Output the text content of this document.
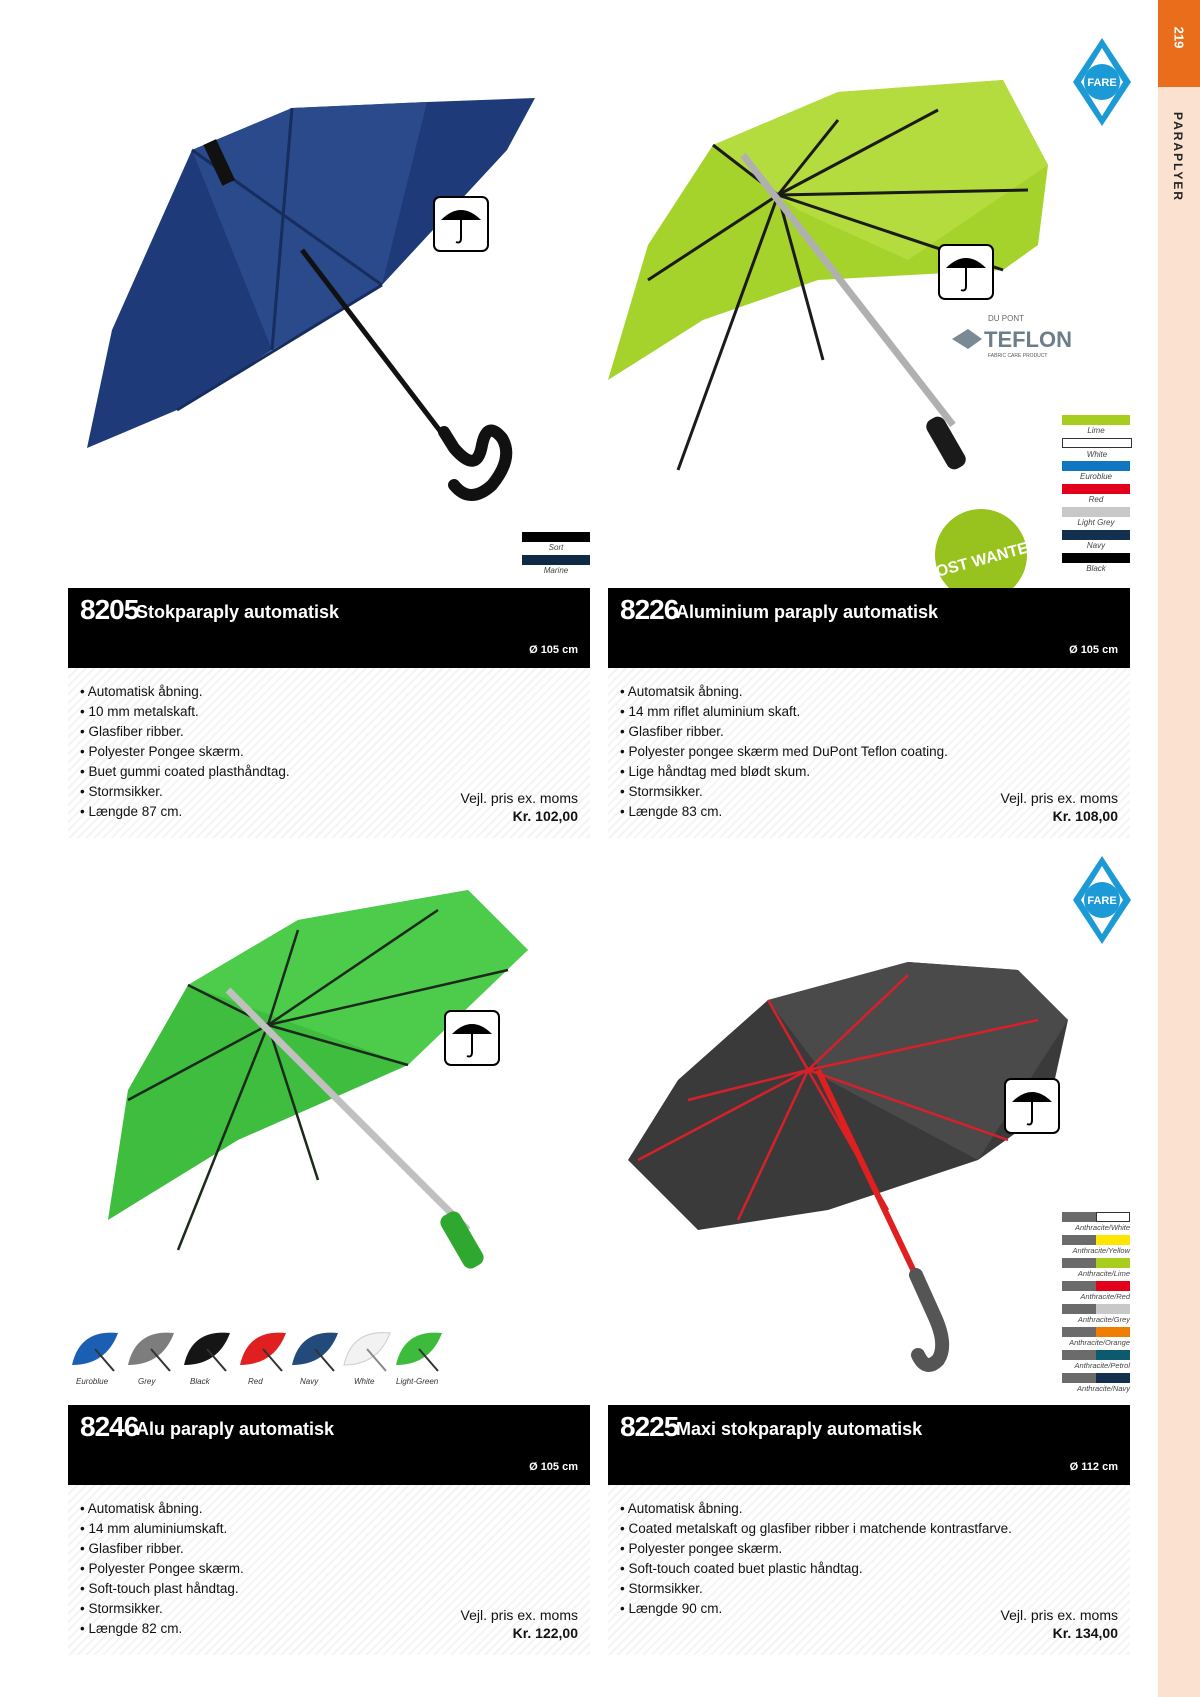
219
PARAPLYER
Sort
Marine
8205
Stokparaply automatisk
Ø 105 cm
• Automatisk åbning.
• 10 mm metalskaft.
• Glasfiber ribber.
• Polyester Pongee skærm.
• Buet gummi coated plasthåndtag.
• Stormsikker.
• Længde 87 cm.
Vejl. pris ex. moms
Kr. 102,00
FARE
DU PONT
TEFLON
FABRIC CARE PRODUCT
MOST WANTED
Lime
White
Euroblue
Red
Light Grey
Navy
Black
8226
Aluminium paraply automatisk
Ø 105 cm
• Automatsik åbning.
• 14 mm riflet aluminium skaft.
• Glasfiber ribber.
• Polyester pongee skærm med DuPont Teflon coating.
• Lige håndtag med blødt skum.
• Stormsikker.
• Længde 83 cm.
Vejl. pris ex. moms
Kr. 108,00
Euroblue	Grey	Black	Red	Navy	White	Light-Green
8246
Alu paraply automatisk
Ø 105 cm
• Automatisk åbning.
• 14 mm aluminiumskaft.
• Glasfiber ribber.
• Polyester Pongee skærm.
• Soft-touch plast håndtag.
• Stormsikker.
• Længde 82 cm.
Vejl. pris ex. moms
Kr. 122,00
FARE
Anthracite/White
Anthracite/Yellow
Anthracite/Lime
Anthracite/Red
Anthracite/Grey
Anthracite/Orange
Anthracite/Petrol
Anthracite/Navy
8225
Maxi stokparaply automatisk
Ø 112 cm
• Automatisk åbning.
• Coated metalskaft og glasfiber ribber i matchende kontrastfarve.
• Polyester pongee skærm.
• Soft-touch coated buet plastic håndtag.
• Stormsikker.
• Længde 90 cm.	Vejl. pris ex. moms
Kr. 134,00
